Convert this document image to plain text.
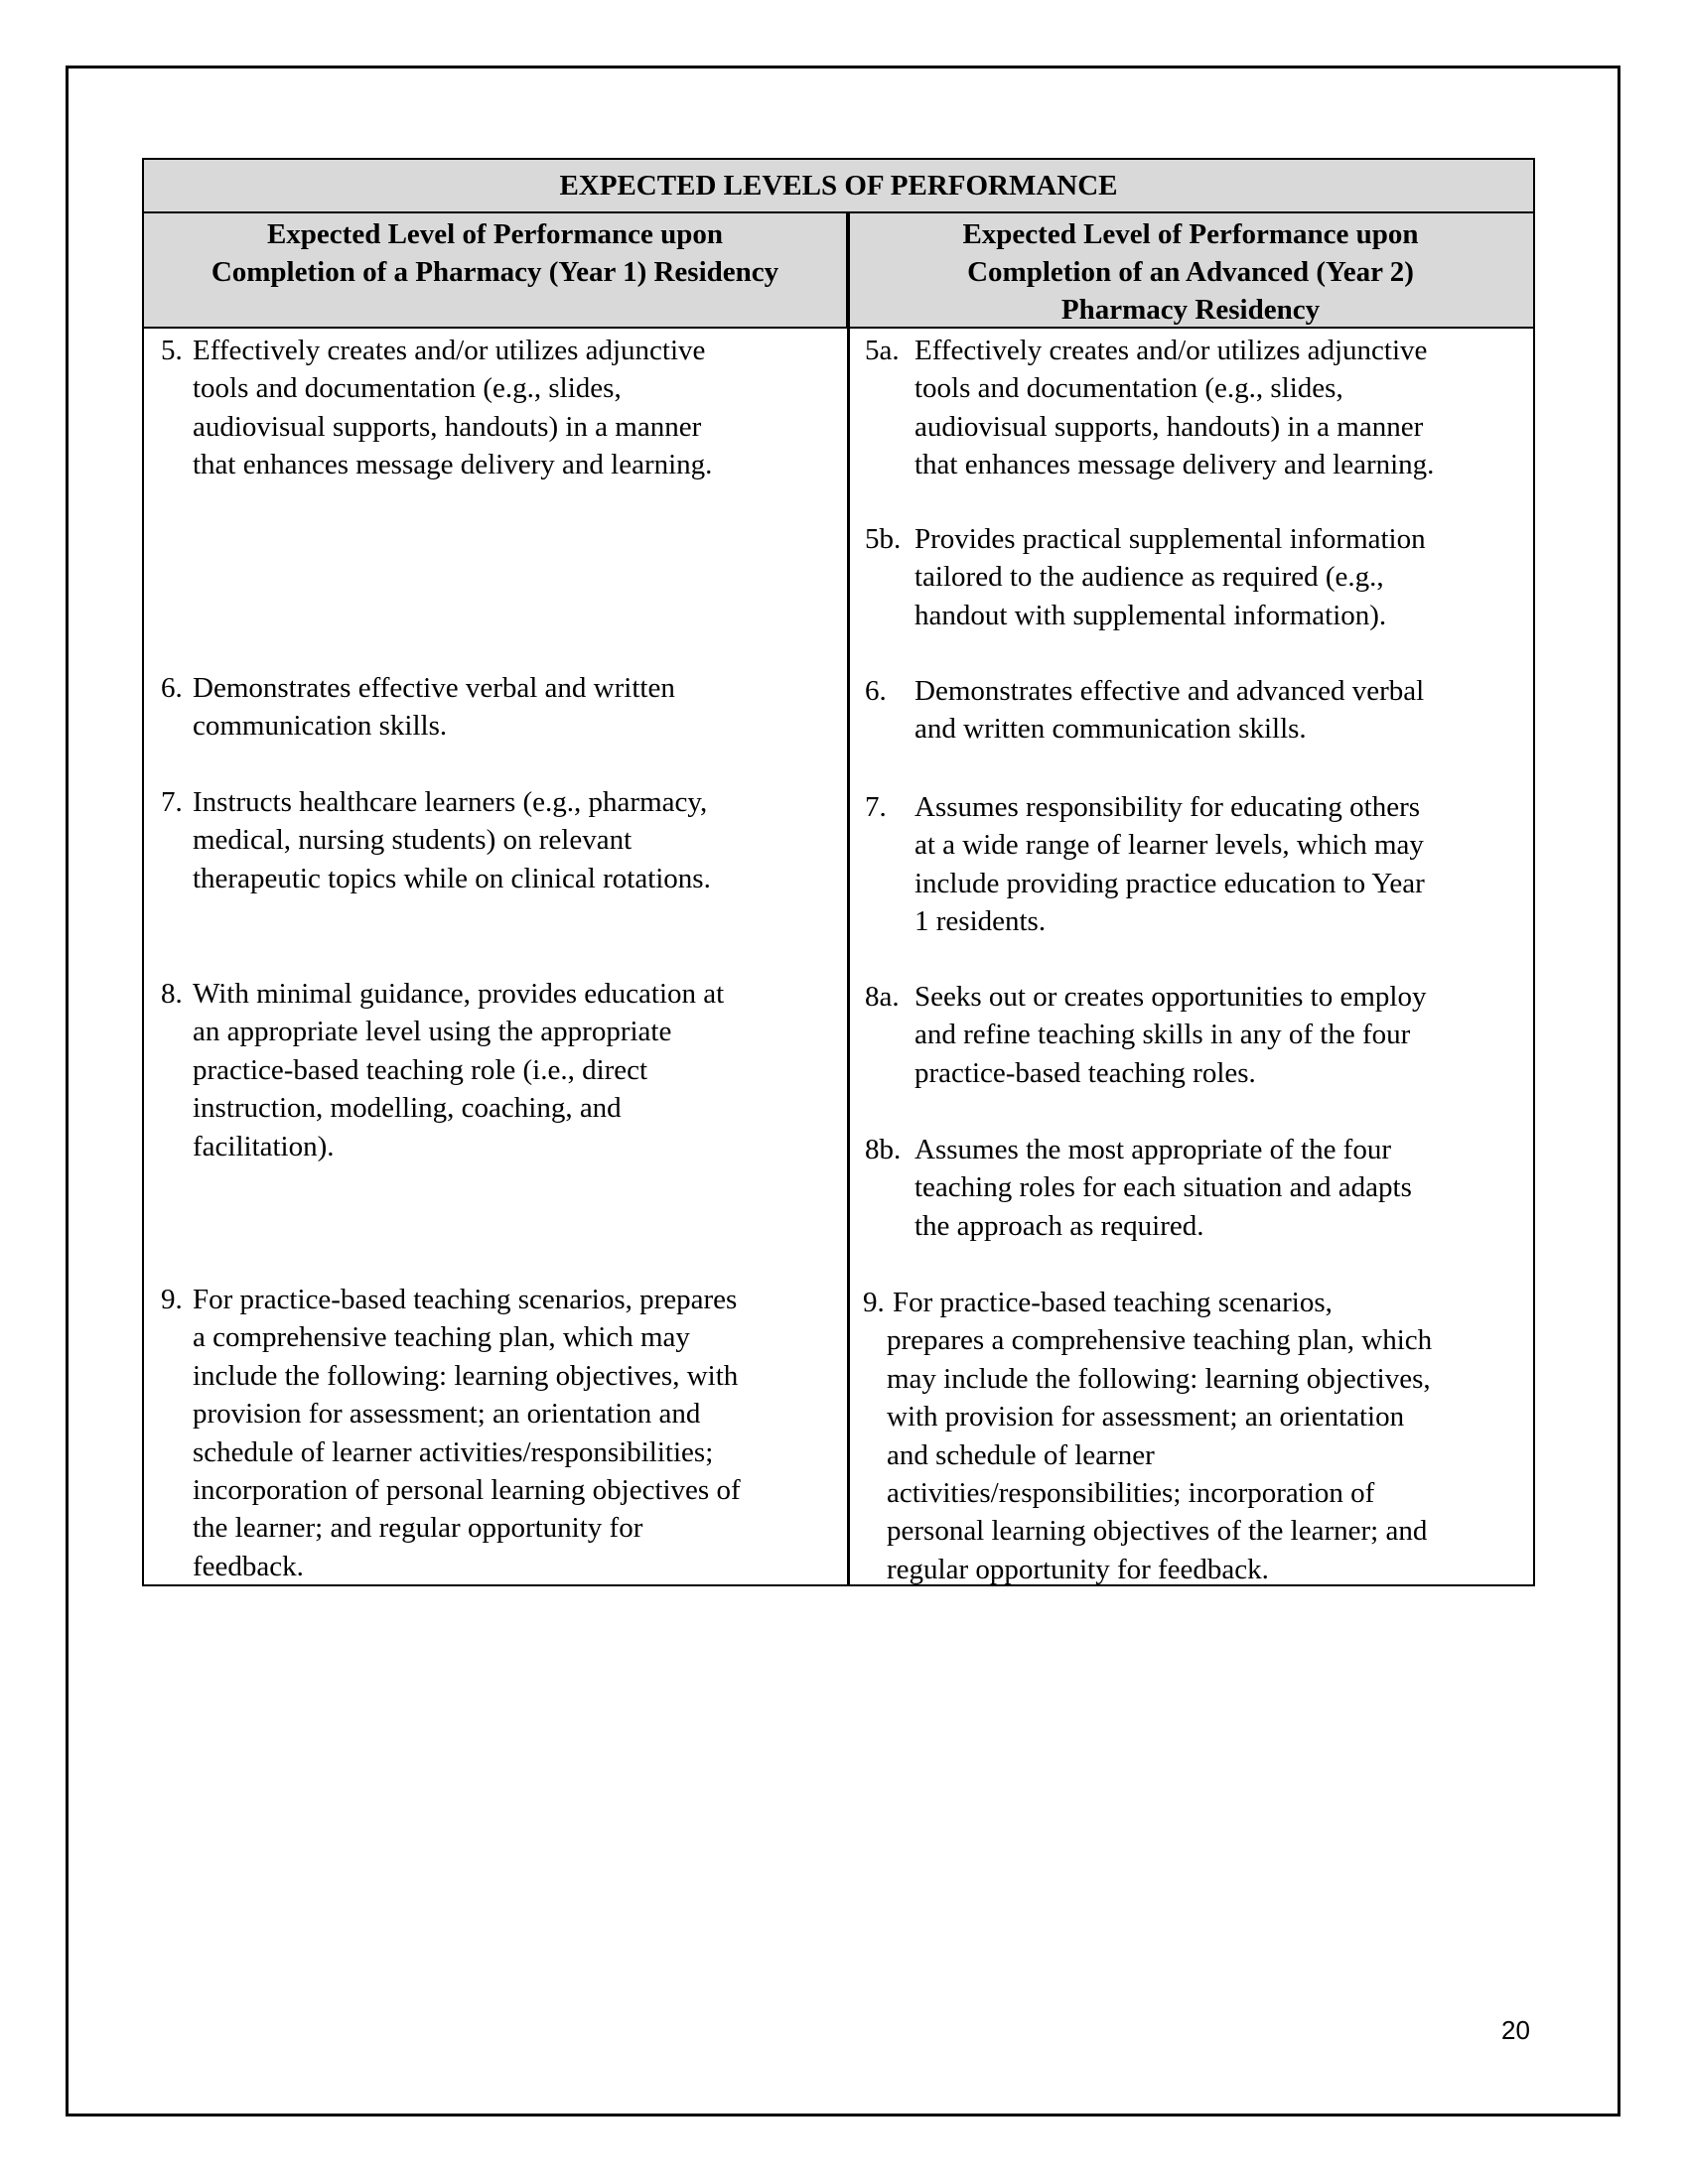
EXPECTED LEVELS OF PERFORMANCE
Expected Level of Performance upon
Completion of a Pharmacy (Year 1) Residency
Expected Level of Performance upon
Completion of an Advanced (Year 2)
Pharmacy Residency
5. Effectively creates and/or utilizes adjunctive
tools and documentation (e.g., slides,
audiovisual supports, handouts) in a manner
that enhances message delivery and learning.
6. Demonstrates effective verbal and written
communication skills.
7. Instructs healthcare learners (e.g., pharmacy,
medical, nursing students) on relevant
therapeutic topics while on clinical rotations.
8. With minimal guidance, provides education at
an appropriate level using the appropriate
practice-based teaching role (i.e., direct
instruction, modelling, coaching, and
facilitation).
9. For practice-based teaching scenarios, prepares
a comprehensive teaching plan, which may
include the following: learning objectives, with
provision for assessment; an orientation and
schedule of learner activities/responsibilities;
incorporation of personal learning objectives of
the learner; and regular opportunity for
feedback.
5a. Effectively creates and/or utilizes adjunctive
tools and documentation (e.g., slides,
audiovisual supports, handouts) in a manner
that enhances message delivery and learning.
5b. Provides practical supplemental information
tailored to the audience as required (e.g.,
handout with supplemental information).
6. Demonstrates effective and advanced verbal
and written communication skills.
7. Assumes responsibility for educating others
at a wide range of learner levels, which may
include providing practice education to Year
1 residents.
8a. Seeks out or creates opportunities to employ
and refine teaching skills in any of the four
practice-based teaching roles.
8b. Assumes the most appropriate of the four
teaching roles for each situation and adapts
the approach as required.
9. For practice-based teaching scenarios,
prepares a comprehensive teaching plan, which
may include the following: learning objectives,
with provision for assessment; an orientation
and schedule of learner
activities/responsibilities; incorporation of
personal learning objectives of the learner; and
regular opportunity for feedback.
20
